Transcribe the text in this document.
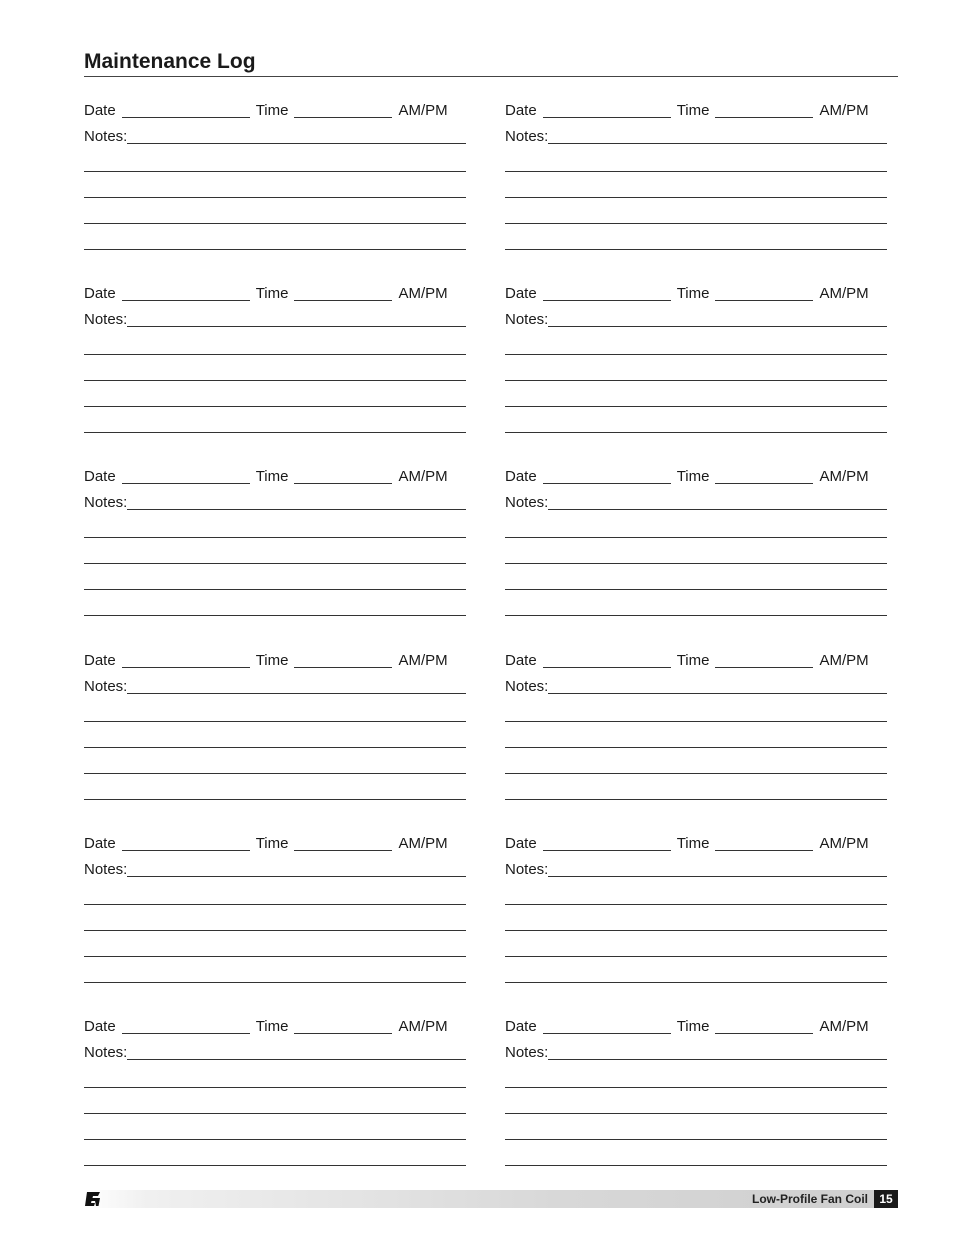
Maintenance Log
Date	Time	AM/PM
Notes:
Date	Time	AM/PM
Notes:
Date	Time	AM/PM
Notes:
Date	Time	AM/PM
Notes:
Date	Time	AM/PM
Notes:
Date	Time	AM/PM
Notes:
Date	Time	AM/PM
Notes:
Date	Time	AM/PM
Notes:
Date	Time	AM/PM
Notes:
Date	Time	AM/PM
Notes:
Date	Time	AM/PM
Notes:
Date	Time	AM/PM
Notes:
Low-Profile Fan Coil 15
